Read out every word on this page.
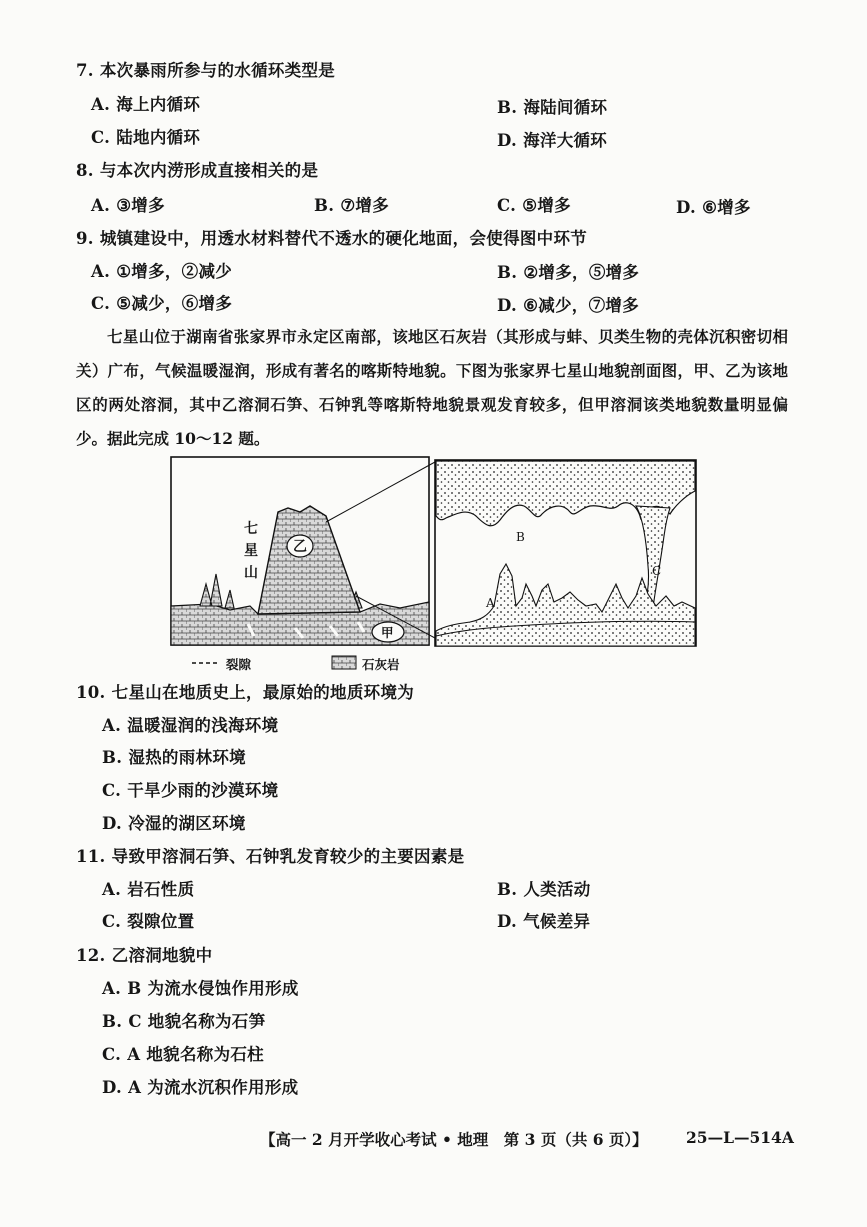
7. 本次暴雨所参与的水循环类型是
A. 海上内循环	B. 海陆间循环
C. 陆地内循环	D. 海洋大循环
8. 与本次内涝形成直接相关的是
A. ③增多	B. ⑦增多	C. ⑤增多	D. ⑥增多
9. 城镇建设中，用透水材料替代不透水的硬化地面，会使得图中环节
A. ①增多，②减少	B. ②增多，⑤增多
C. ⑤减少，⑥增多	D. ⑥减少，⑦增多
七星山位于湖南省张家界市永定区南部，该地区石灰岩（其形成与蚌、贝类生物的壳体沉积密切相关）广布，气候温暖湿润，形成有著名的喀斯特地貌。下图为张家界七星山地貌剖面图，甲、乙为该地区的两处溶洞，其中乙溶洞石笋、石钟乳等喀斯特地貌景观发育较多，但甲溶洞该类地貌数量明显偏少。据此完成 10～12 题。
七
星
山
乙
甲
A
B
C
裂隙	石灰岩
10. 七星山在地质史上，最原始的地质环境为
A. 温暖湿润的浅海环境
B. 湿热的雨林环境
C. 干旱少雨的沙漠环境
D. 冷湿的湖区环境
11. 导致甲溶洞石笋、石钟乳发育较少的主要因素是
A. 岩石性质	B. 人类活动
C. 裂隙位置	D. 气候差异
12. 乙溶洞地貌中
A. B 为流水侵蚀作用形成
B. C 地貌名称为石笋
C. A 地貌名称为石柱
D. A 为流水沉积作用形成
【高一 2 月开学收心考试 • 地理　第 3 页（共 6 页）】 25—L—514A
